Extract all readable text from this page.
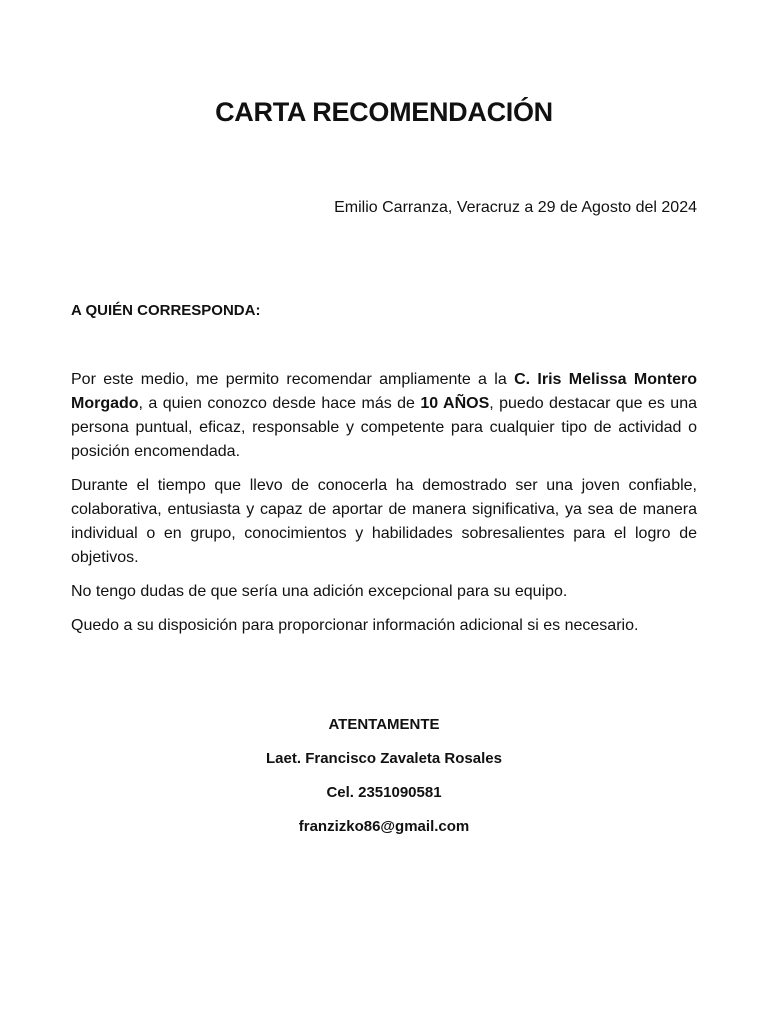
CARTA RECOMENDACIÓN

Emilio Carranza, Veracruz a 29 de Agosto del 2024

A QUIÉN CORRESPONDA:

Por este medio, me permito recomendar ampliamente a la C. Iris Melissa Montero Morgado, a quien conozco desde hace más de 10 AÑOS, puedo destacar que es una persona puntual, eficaz, responsable y competente para cualquier tipo de actividad o posición encomendada.

Durante el tiempo que llevo de conocerla ha demostrado ser una joven confiable, colaborativa, entusiasta y capaz de aportar de manera significativa, ya sea de manera individual o en grupo, conocimientos y habilidades sobresalientes para el logro de objetivos.

No tengo dudas de que sería una adición excepcional para su equipo.

Quedo a su disposición para proporcionar información adicional si es necesario.

ATENTAMENTE
Laet. Francisco Zavaleta Rosales
Cel. 2351090581
franzizko86@gmail.com
